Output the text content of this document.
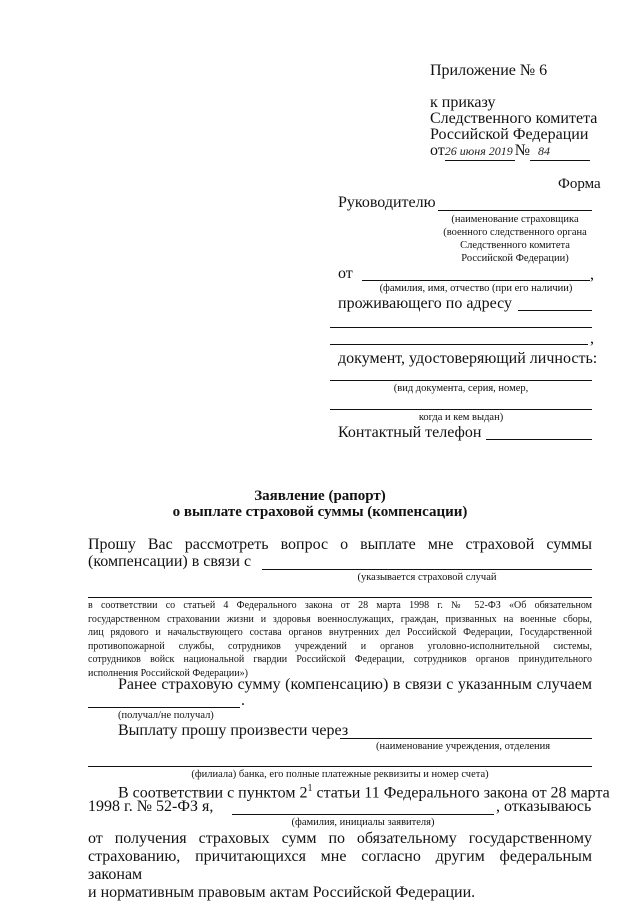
Приложение № 6
к приказу
Следственного комитета
Российской Федерации
от26 июня 2019 № 84
Форма
Руководителю
(наименование страховщика
(военного следственного органа
Следственного комитета
Российской Федерации)
от	,
(фамилия, имя, отчество (при его наличии)
проживающего по адресу
,
документ, удостоверяющий личность:
(вид документа, серия, номер,
когда и кем выдан)
Контактный телефон
Заявление (рапорт)
о выплате страховой суммы (компенсации)
Прошу Вас рассмотреть вопрос о выплате мне страховой суммы
(компенсации) в связи с
(указывается страховой случай
в соответствии со статьей 4 Федерального закона от 28 марта 1998 г. № 52-ФЗ «Об обязательном
государственном страховании жизни и здоровья военнослужащих, граждан, призванных на военные сборы,
лиц рядового и начальствующего состава органов внутренних дел Российской Федерации, Государственной
противопожарной службы, сотрудников учреждений и органов уголовно-исполнительной системы,
сотрудников войск национальной гвардии Российской Федерации, сотрудников органов принудительного
исполнения Российской Федерации»)
Ранее страховую сумму (компенсацию) в связи с указанным случаем
.
(получал/не получал)
Выплату прошу произвести через
(наименование учреждения, отделения
(филиала) банка, его полные платежные реквизиты и номер счета)
В соответствии с пунктом $2^1$ статьи 11 Федерального закона от 28 марта
1998 г. № 52-ФЗ я,	, отказываюсь
(фамилия, инициалы заявителя)
от получения страховых сумм по обязательному государственному
страхованию, причитающихся мне согласно другим федеральным законам
и нормативным правовым актам Российской Федерации.
